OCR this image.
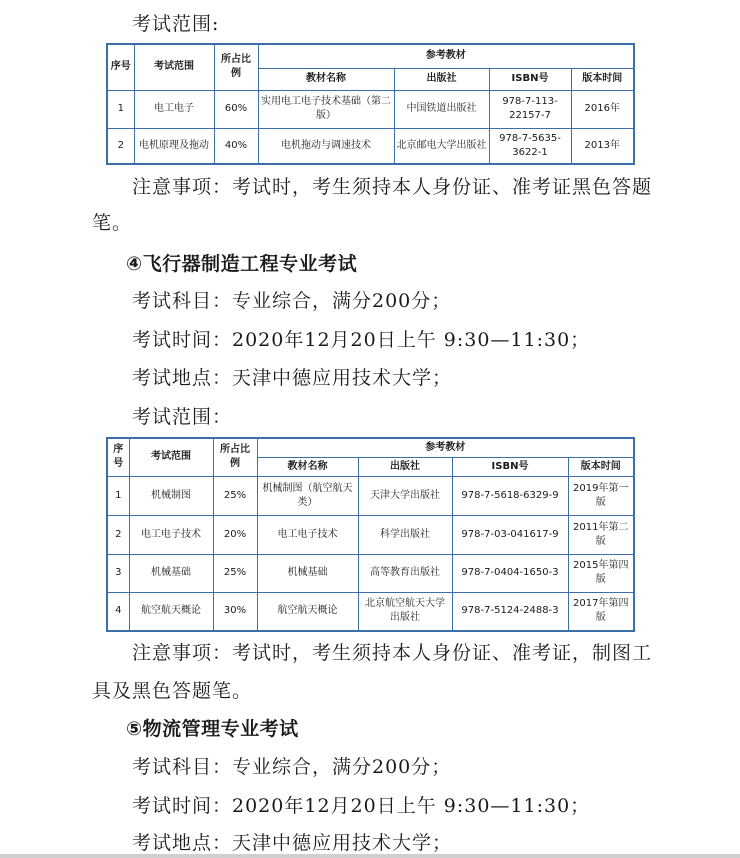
考试范围:
序号	考试范围	所占比例	参考教材			
			教材名称	出版社	ISBN号	版本时间
1	电工电子	60%	实用电工电子技术基础（第二版）	中国铁道出版社	978-7-113-22157-7	2016年
2	电机原理及拖动	40%	电机拖动与调速技术	北京邮电大学出版社	978-7-5635-3622-1	2013年
注意事项：考试时，考生须持本人身份证、准考证黑色答题
笔。
④飞行器制造工程专业考试
考试科目：专业综合，满分200分；
考试时间：2020年12月20日上午 9:30—11:30；
考试地点：天津中德应用技术大学；
考试范围：
序号	考试范围	所占比例	参考教材			
			教材名称	出版社	ISBN号	版本时间
1	机械制图	25%	机械制图（航空航天类）	天津大学出版社	978-7-5618-6329-9	2019年第一版
2	电工电子技术	20%	电工电子技术	科学出版社	978-7-03-041617-9	2011年第二版
3	机械基础	25%	机械基础	高等教育出版社	978-7-0404-1650-3	2015年第四版
4	航空航天概论	30%	航空航天概论	北京航空航天大学出版社	978-7-5124-2488-3	2017年第四版
注意事项：考试时，考生须持本人身份证、准考证，制图工
具及黑色答题笔。
⑤物流管理专业考试
考试科目：专业综合，满分200分；
考试时间：2020年12月20日上午 9:30—11:30；
考试地点：天津中德应用技术大学；
